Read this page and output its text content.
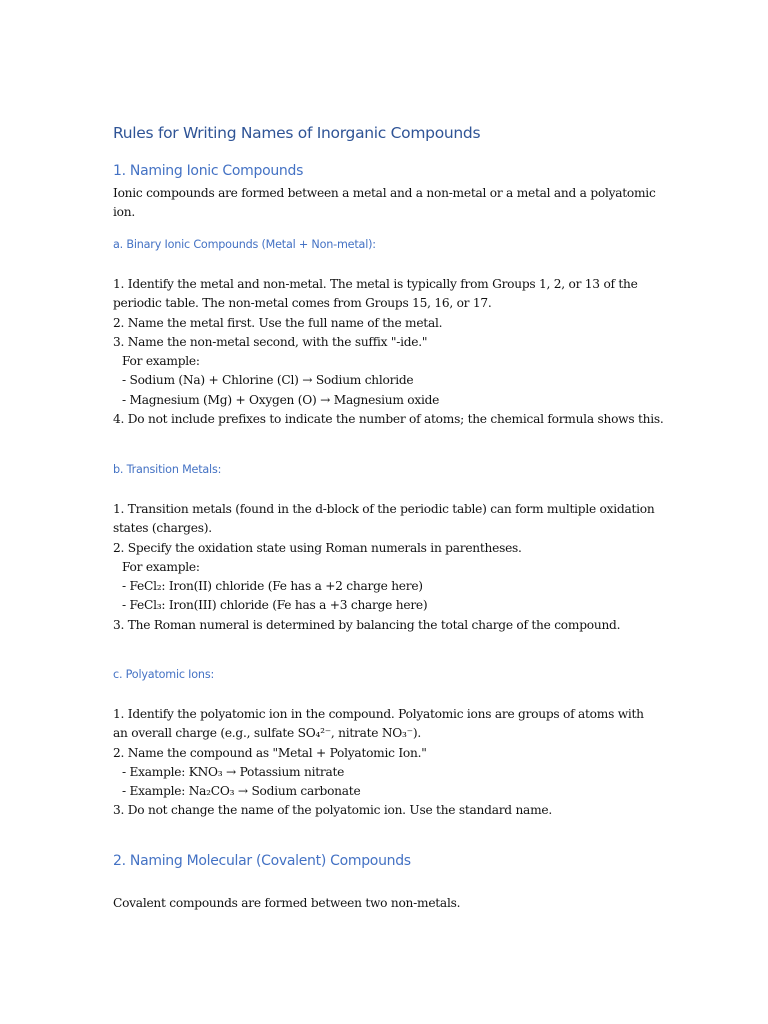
Rules for Writing Names of Inorganic Compounds
1. Naming Ionic Compounds
Ionic compounds are formed between a metal and a non-metal or a metal and a polyatomic
ion.
a. Binary Ionic Compounds (Metal + Non-metal):
1. Identify the metal and non-metal. The metal is typically from Groups 1, 2, or 13 of the
periodic table. The non-metal comes from Groups 15, 16, or 17.
2. Name the metal first. Use the full name of the metal.
3. Name the non-metal second, with the suffix "-ide."
For example:
- Sodium (Na) + Chlorine (Cl) → Sodium chloride
- Magnesium (Mg) + Oxygen (O) → Magnesium oxide
4. Do not include prefixes to indicate the number of atoms; the chemical formula shows this.
b. Transition Metals:
1. Transition metals (found in the d-block of the periodic table) can form multiple oxidation
states (charges).
2. Specify the oxidation state using Roman numerals in parentheses.
For example:
- FeCl₂: Iron(II) chloride (Fe has a +2 charge here)
- FeCl₃: Iron(III) chloride (Fe has a +3 charge here)
3. The Roman numeral is determined by balancing the total charge of the compound.
c. Polyatomic Ions:
1. Identify the polyatomic ion in the compound. Polyatomic ions are groups of atoms with
an overall charge (e.g., sulfate SO₄²⁻, nitrate NO₃⁻).
2. Name the compound as "Metal + Polyatomic Ion."
- Example: KNO₃ → Potassium nitrate
- Example: Na₂CO₃ → Sodium carbonate
3. Do not change the name of the polyatomic ion. Use the standard name.
2. Naming Molecular (Covalent) Compounds
Covalent compounds are formed between two non-metals.
